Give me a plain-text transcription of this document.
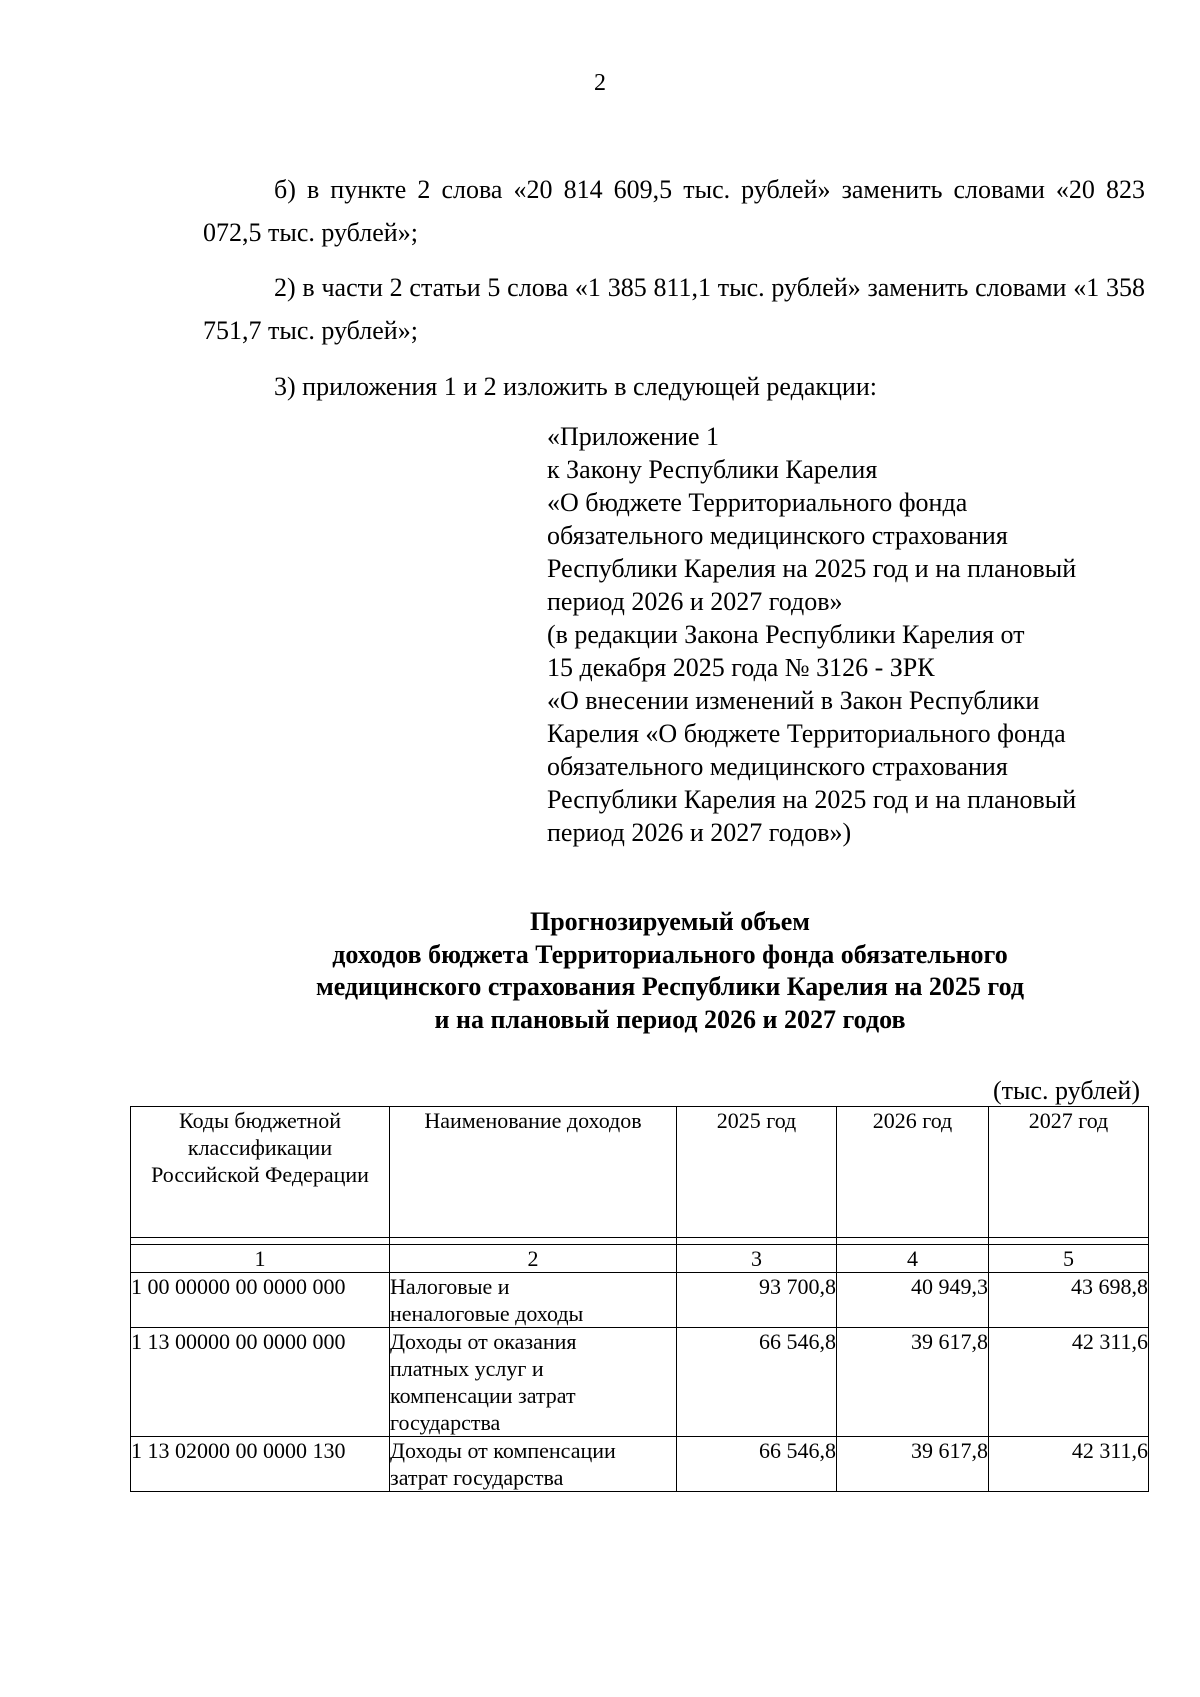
2

б) в пункте 2 слова «20 814 609,5 тыс. рублей» заменить словами «20 823 072,5 тыс. рублей»;

2) в части 2 статьи 5 слова «1 385 811,1 тыс. рублей» заменить словами «1 358 751,7 тыс. рублей»;

3) приложения 1 и 2 изложить в следующей редакции:

«Приложение 1
к Закону Республики Карелия
«О бюджете Территориального фонда
обязательного медицинского страхования
Республики Карелия на 2025 год и на плановый
период 2026 и 2027 годов»
(в редакции Закона Республики Карелия от
15 декабря 2025 года № 3126 - ЗРК
«О внесении изменений в Закон Республики
Карелия «О бюджете Территориального фонда
обязательного медицинского страхования
Республики Карелия на 2025 год и на плановый
период 2026 и 2027 годов»)
Прогнозируемый объем
доходов бюджета Территориального фонда обязательного
медицинского страхования Республики Карелия на 2025 год
и на плановый период 2026 и 2027 годов
(тыс. рублей)
Коды бюджетной
классификации
Российской Федерации	Наименование доходов	2025 год	2026 год	2027 год

1	2	3	4	5
1 00 00000 00 0000 000	Налоговые и
неналоговые доходы	93 700,8	40 949,3	43 698,8
1 13 00000 00 0000 000	Доходы от оказания
платных услуг и
компенсации затрат
государства	66 546,8	39 617,8	42 311,6
1 13 02000 00 0000 130	Доходы от компенсации
затрат государства	66 546,8	39 617,8	42 311,6
